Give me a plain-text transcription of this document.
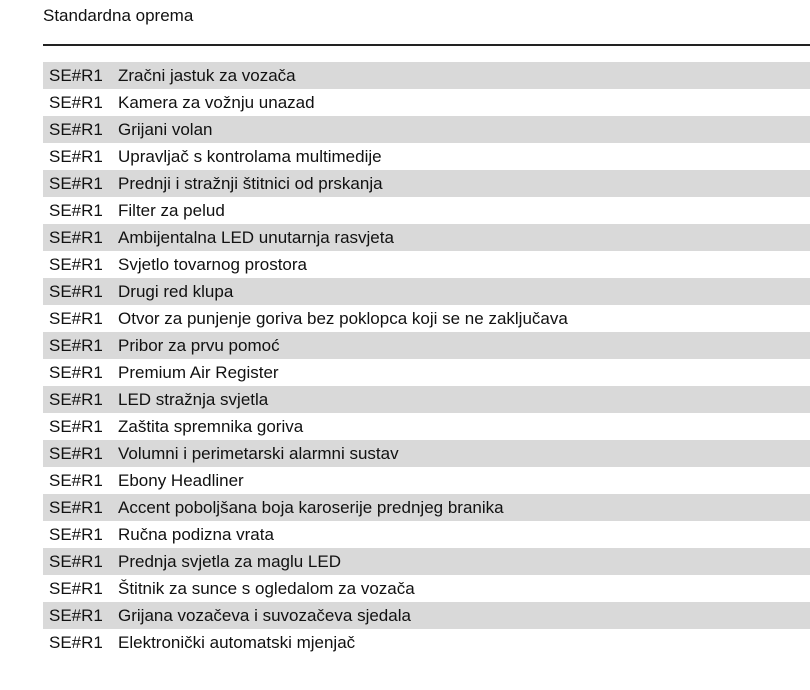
Standardna oprema
SE#R1 Zračni jastuk za vozača
SE#R1 Kamera za vožnju unazad
SE#R1 Grijani volan
SE#R1 Upravljač s kontrolama multimedije
SE#R1 Prednji i stražnji štitnici od prskanja
SE#R1 Filter za pelud
SE#R1 Ambijentalna LED unutarnja rasvjeta
SE#R1 Svjetlo tovarnog prostora
SE#R1 Drugi red klupa
SE#R1 Otvor za punjenje goriva bez poklopca koji se ne zaključava
SE#R1 Pribor za prvu pomoć
SE#R1 Premium Air Register
SE#R1 LED stražnja svjetla
SE#R1 Zaštita spremnika goriva
SE#R1 Volumni i perimetarski alarmni sustav
SE#R1 Ebony Headliner
SE#R1 Accent poboljšana boja karoserije prednjeg branika
SE#R1 Ručna podizna vrata
SE#R1 Prednja svjetla za maglu LED
SE#R1 Štitnik za sunce s ogledalom za vozača
SE#R1 Grijana vozačeva i suvozačeva sjedala
SE#R1 Elektronički automatski mjenjač
